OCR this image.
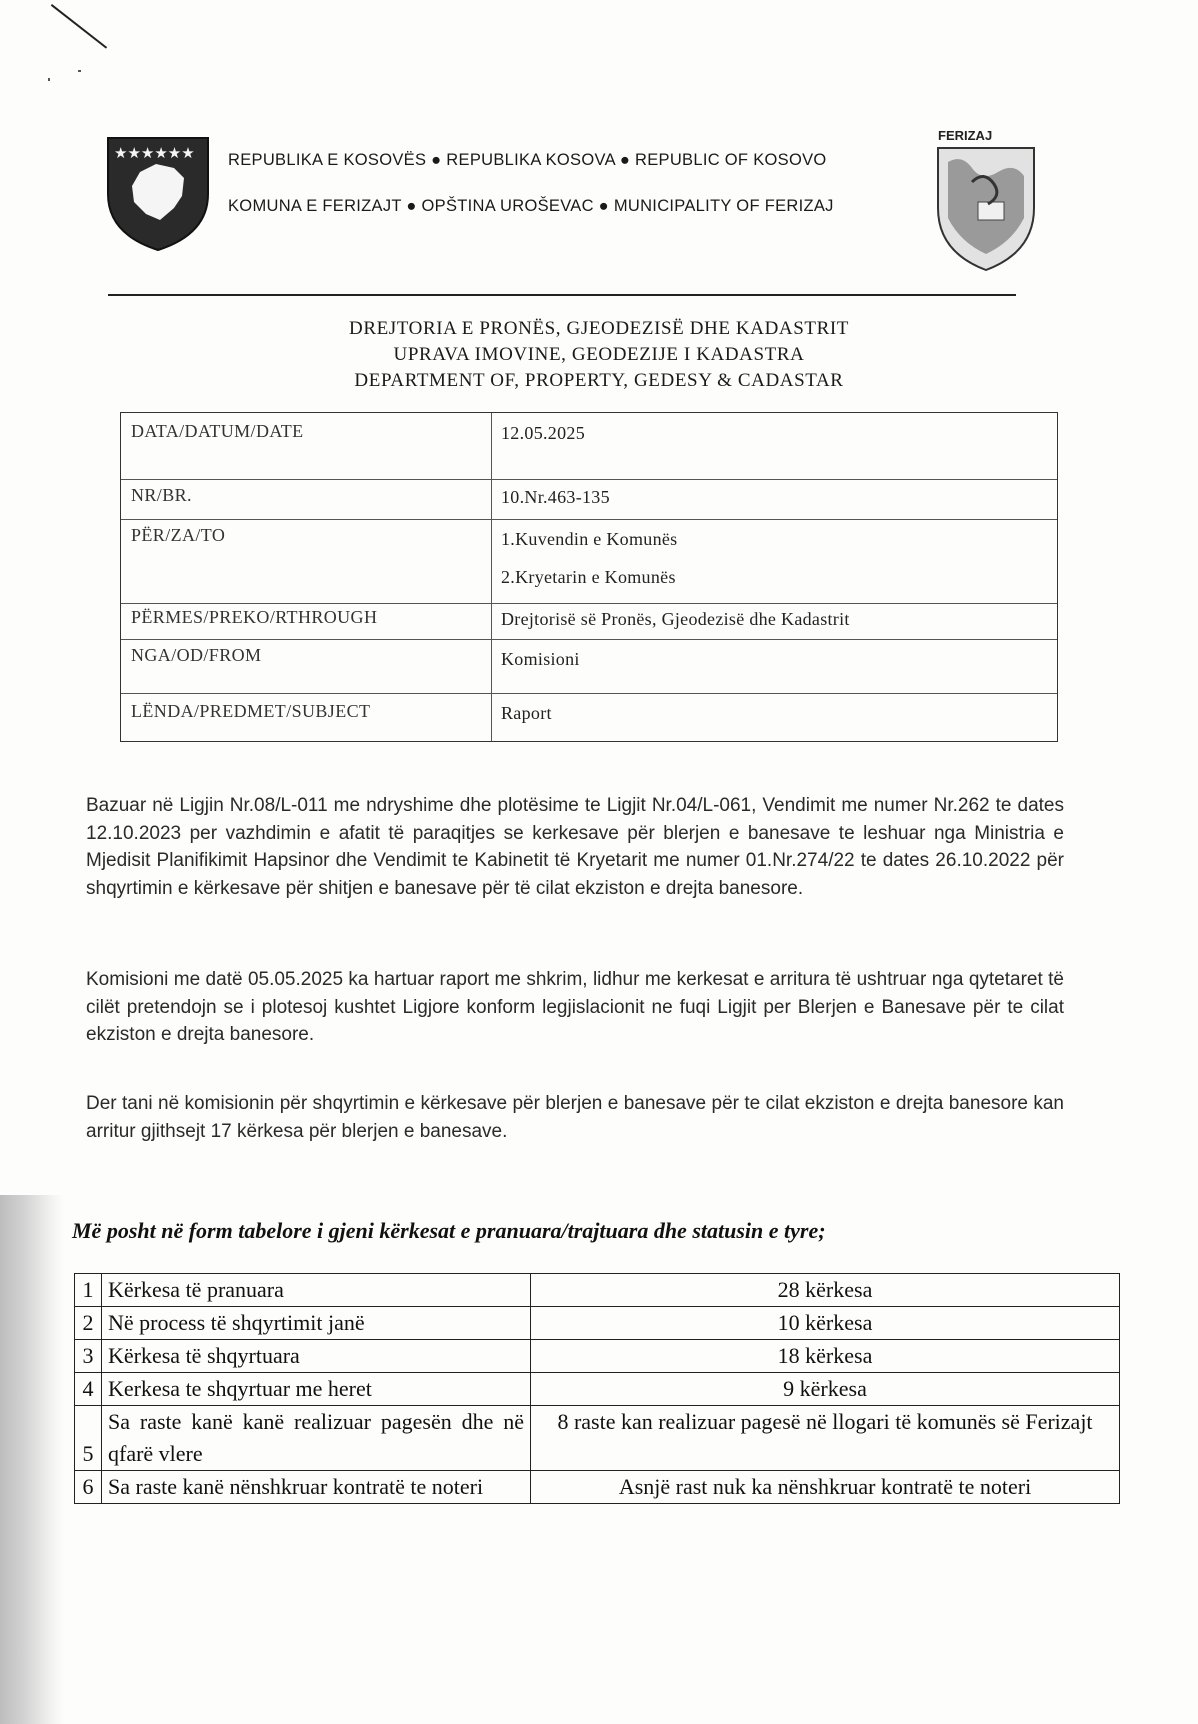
★★★★★★ REPUBLIKA E KOSOVËS ● REPUBLIKA KOSOVA ● REPUBLIC OF KOSOVO
KOMUNA E FERIZAJT ● OPŠTINA UROŠEVAC ● MUNICIPALITY OF FERIZAJ
FERIZAJ
DREJTORIA E PRONËS, GJEODEZISË DHE KADASTRIT
UPRAVA IMOVINE, GEODEZIJE I KADASTRA
DEPARTMENT OF, PROPERTY, GEDESY & CADASTAR
DATA/DATUM/DATE	12.05.2025
NR/BR.	10.Nr.463-135
PËR/ZA/TO	1.Kuvendin e Komunës
2.Kryetarin e Komunës
PËRMES/PREKO/RTHROUGH	Drejtorisë së Pronës, Gjeodezisë dhe Kadastrit
NGA/OD/FROM	Komisioni
LËNDA/PREDMET/SUBJECT	Raport
Bazuar në Ligjin Nr.08/L-011 me ndryshime dhe plotësime te Ligjit Nr.04/L-061, Vendimit me numer Nr.262 te dates 12.10.2023 per vazhdimin e afatit të paraqitjes se kerkesave për blerjen e banesave te leshuar nga Ministria e Mjedisit Planifikimit Hapsinor dhe Vendimit te Kabinetit të Kryetarit me numer 01.Nr.274/22 te dates 26.10.2022 për shqyrtimin e kërkesave për shitjen e banesave për të cilat ekziston e drejta banesore.
Komisioni me datë 05.05.2025 ka hartuar raport me shkrim, lidhur me kerkesat e arritura të ushtruar nga qytetaret të cilët pretendojn se i plotesoj kushtet Ligjore konform legjislacionit ne fuqi Ligjit per Blerjen e Banesave për te cilat ekziston e drejta banesore.
Der tani në komisionin për shqyrtimin e kërkesave për blerjen e banesave për te cilat ekziston e drejta banesore kan arritur gjithsejt 17 kërkesa për blerjen e banesave.
Më posht në form tabelore i gjeni kërkesat e pranuara/trajtuara dhe statusin e tyre;
1	Kërkesa të pranuara	28 kërkesa
2	Në process të shqyrtimit janë	10 kërkesa
3	Kërkesa të shqyrtuara	18 kërkesa
4	Kerkesa te shqyrtuar me heret	9 kërkesa
5	Sa raste kanë kanë realizuar pagesën dhe në qfarë vlere	8 raste kan realizuar pagesë në llogari të komunës së Ferizajt
6	Sa raste kanë nënshkruar kontratë te noteri	Asnjë rast nuk ka nënshkruar kontratë te noteri
